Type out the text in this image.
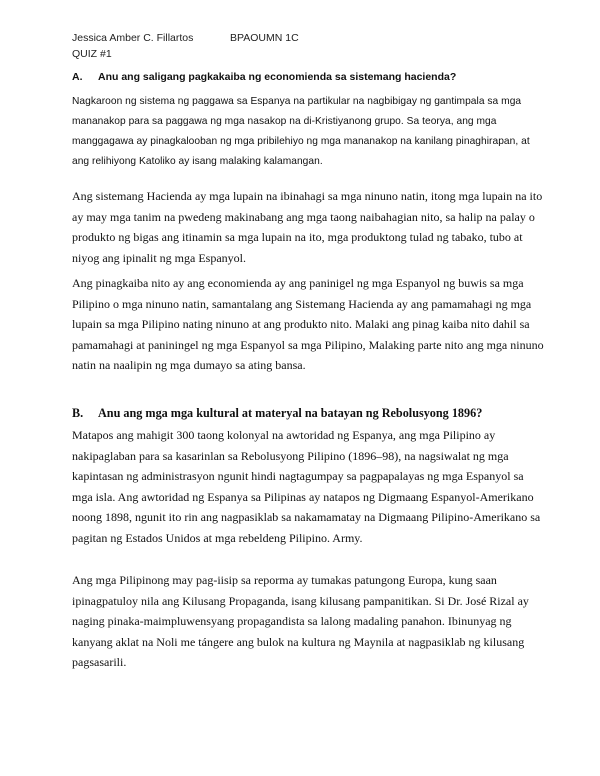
Jessica Amber C. Fillartos	BPAOUMN 1C
QUIZ #1
A. Anu ang saligang pagkakaiba ng economienda sa sistemang hacienda?

Nagkaroon ng sistema ng paggawa sa Espanya na partikular na nagbibigay ng gantimpala sa mga mananakop para sa paggawa ng mga nasakop na di-Kristiyanong grupo. Sa teorya, ang mga manggagawa ay pinagkalooban ng mga pribilehiyo ng mga mananakop na kanilang pinaghirapan, at ang relihiyong Katoliko ay isang malaking kalamangan.

Ang sistemang Hacienda ay mga lupain na ibinahagi sa mga ninuno natin, itong mga lupain na ito ay may mga tanim na pwedeng makinabang ang mga taong naibahagian nito, sa halip na palay o produkto ng bigas ang itinamin sa mga lupain na ito, mga produktong tulad ng tabako, tubo at niyog ang ipinalit ng mga Espanyol.

Ang pinagkaiba nito ay ang economienda ay ang paninigel ng mga Espanyol ng buwis sa mga Pilipino o mga ninuno natin, samantalang ang Sistemang Hacienda ay ang pamamahagi ng mga lupain sa mga Pilipino nating ninuno at ang produkto nito. Malaki ang pinag kaiba nito dahil sa pamamahagi at paniningel ng mga Espanyol sa mga Pilipino, Malaking parte nito ang mga ninuno natin na naalipin ng mga dumayo sa ating bansa.

B. Anu ang mga mga kultural at materyal na batayan ng Rebolusyong 1896?

Matapos ang mahigit 300 taong kolonyal na awtoridad ng Espanya, ang mga Pilipino ay nakipaglaban para sa kasarinlan sa Rebolusyong Pilipino (1896–98), na nagsiwalat ng mga kapintasan ng administrasyon ngunit hindi nagtagumpay sa pagpapalayas ng mga Espanyol sa mga isla. Ang awtoridad ng Espanya sa Pilipinas ay natapos ng Digmaang Espanyol-Amerikano noong 1898, ngunit ito rin ang nagpasiklab sa nakamamatay na Digmaang Pilipino-Amerikano sa pagitan ng Estados Unidos at mga rebeldeng Pilipino. Army.

Ang mga Pilipinong may pag-iisip sa reporma ay tumakas patungong Europa, kung saan ipinagpatuloy nila ang Kilusang Propaganda, isang kilusang pampanitikan. Si Dr. José Rizal ay naging pinaka-maimpluwensyang propagandista sa lalong madaling panahon. Ibinunyag ng kanyang aklat na Noli me tángere ang bulok na kultura ng Maynila at nagpasiklab ng kilusang pagsasarili.
